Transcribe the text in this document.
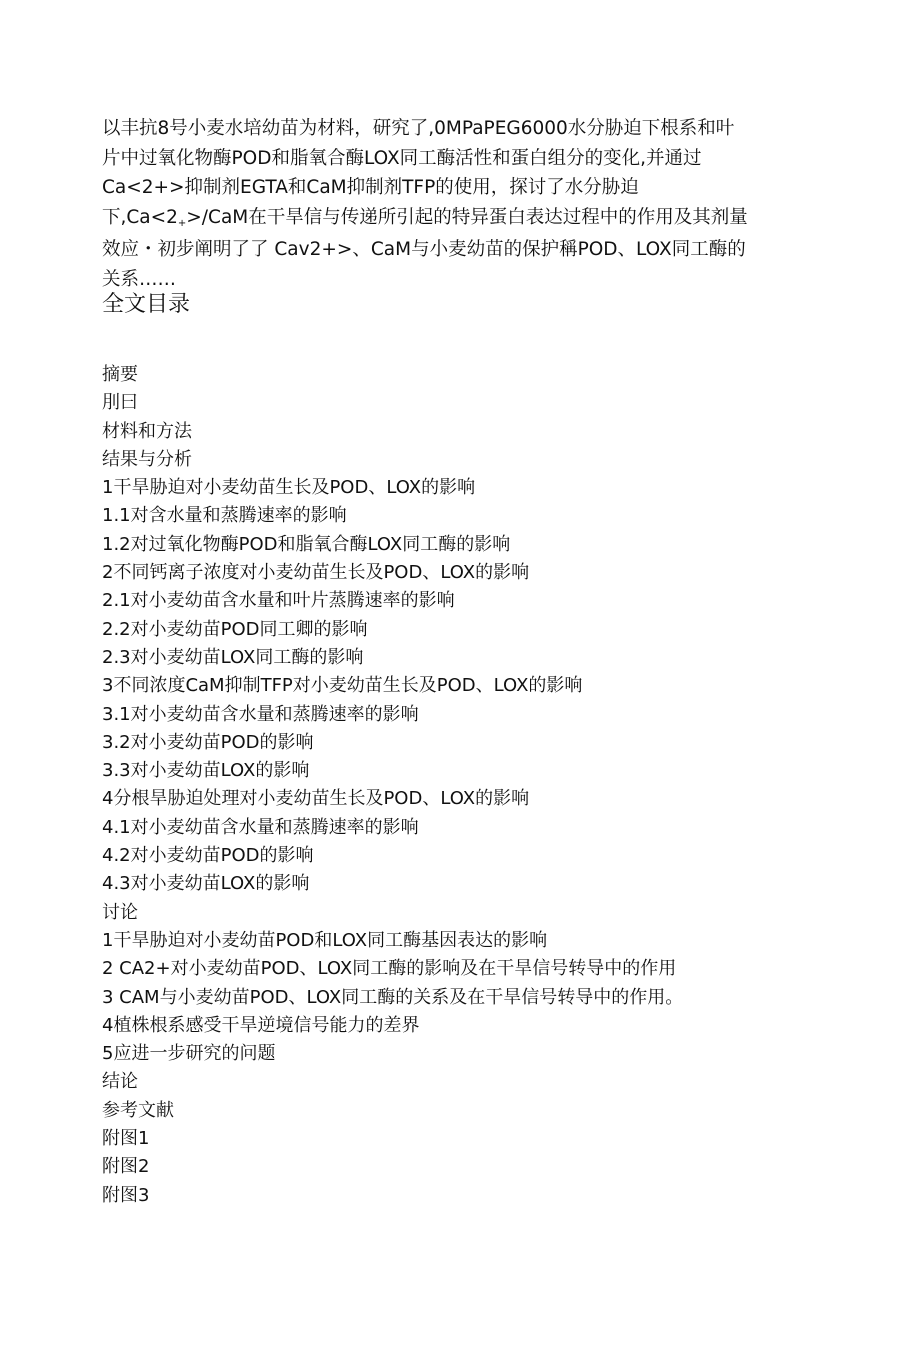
以丰抗8号小麦水培幼苗为材料，研究了,0MPaPEG6000水分胁迫下根系和叶
片中过氧化物酶POD和脂氧合酶LOX同工酶活性和蛋白组分的变化,并通过
Ca<2+>抑制剂EGTA和CaM抑制剂TFP的使用，探讨了水分胁迫
下$,Ca<2_+>$/CaM在干旱信与传递所引起的特异蛋白表达过程中的作用及其剂量
效应・初步阐明了了 Cav2+>、CaM与小麦幼苗的保护稱POD、LOX同工酶的
关系……
全文目录
摘要
刖曰
材料和方法
结果与分析
1干旱胁迫对小麦幼苗生长及POD、LOX的影响
1.1对含水量和蒸腾速率的影响
1.2对过氧化物酶POD和脂氧合酶LOX同工酶的影响
2不同钙离子浓度对小麦幼苗生长及POD、LOX的影响
2.1对小麦幼苗含水量和叶片蒸腾速率的影响
2.2对小麦幼苗POD同工卿的影响
2.3对小麦幼苗LOX同工酶的影响
3不同浓度CaM抑制TFP对小麦幼苗生长及POD、LOX的影响
3.1对小麦幼苗含水量和蒸腾速率的影响
3.2对小麦幼苗POD的影响
3.3对小麦幼苗LOX的影响
4分根旱胁迫处理对小麦幼苗生长及POD、LOX的影响
4.1对小麦幼苗含水量和蒸腾速率的影响
4.2对小麦幼苗POD的影响
4.3对小麦幼苗LOX的影响
讨论
1干旱胁迫对小麦幼苗POD和LOX同工酶基因表达的影响
2 CA2+对小麦幼苗POD、LOX同工酶的影响及在干旱信号转导中的作用
3 CAM与小麦幼苗POD、LOX同工酶的关系及在干旱信号转导中的作用。
4植株根系感受干旱逆境信号能力的差界
5应进一步研究的问题
结论
参考文献
附图1
附图2
附图3
